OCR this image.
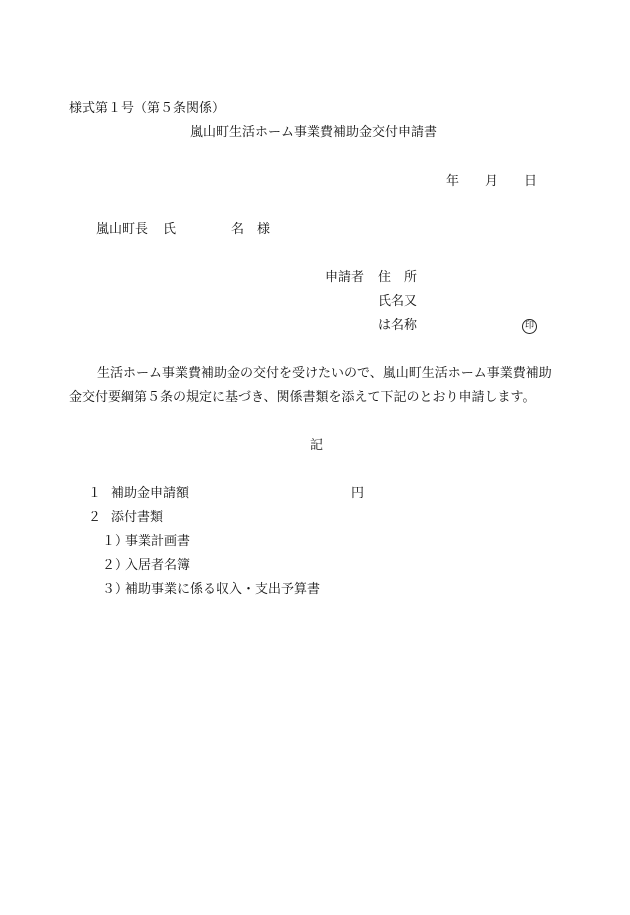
様式第１号（第５条関係）
嵐山町生活ホーム事業費補助金交付申請書
年 月 日
嵐山町長 氏	名 様
申請者 住 所
氏名又
は名称	印
生活ホーム事業費補助金の交付を受けたいので、嵐山町生活ホーム事業費補助
金交付要綱第５条の規定に基づき、関係書類を添えて下記のとおり申請します。
記
１ 補助金申請額	円
２ 添付書類
１）
事業計画書
２）
入居者名簿
３）
補助事業に係る収入・支出予算書
